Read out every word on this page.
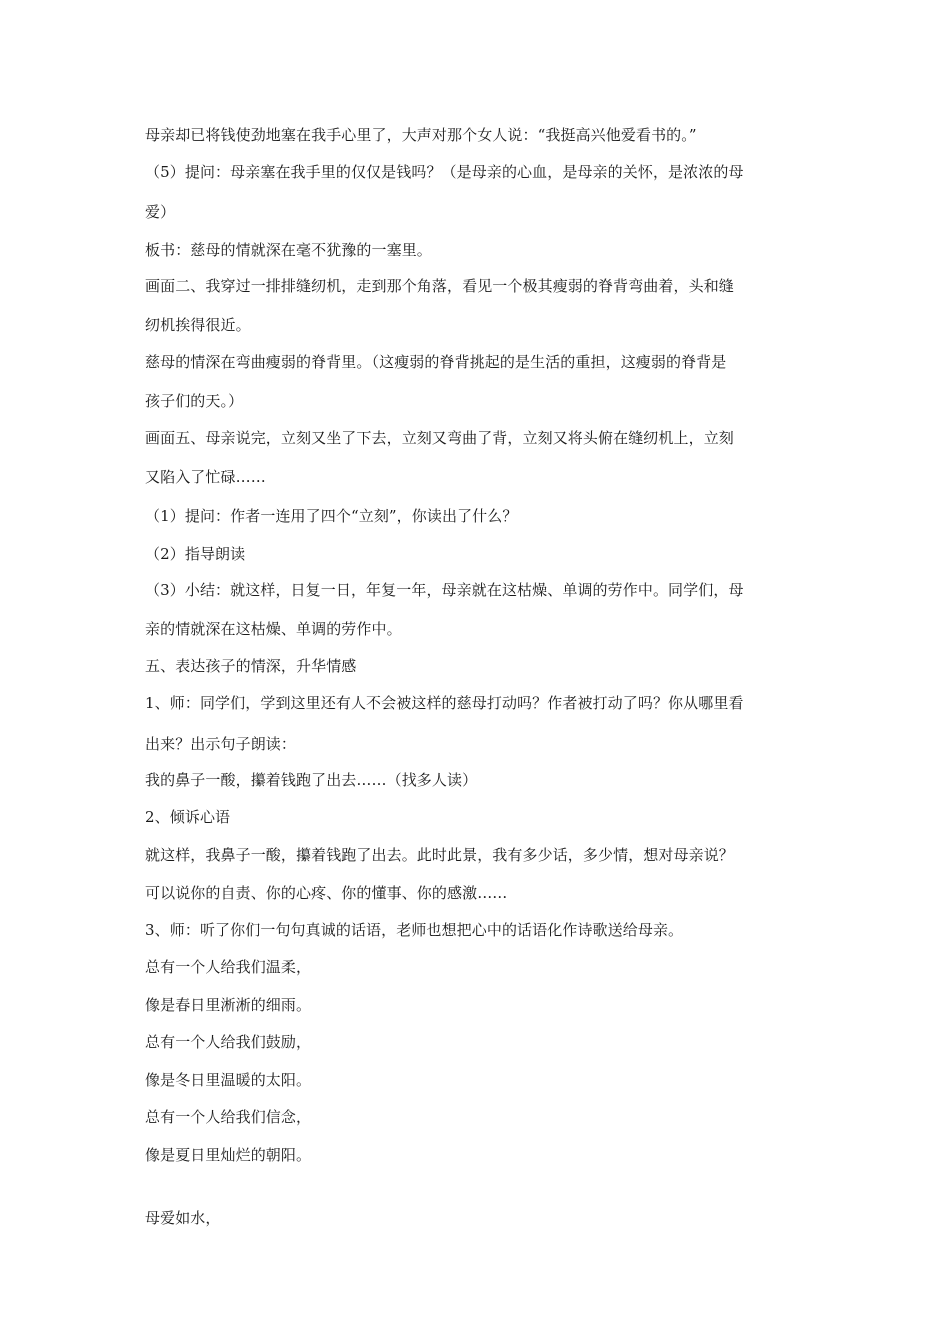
母亲却已将钱使劲地塞在我手心里了，大声对那个女人说：“我挺高兴他爱看书的。”
（5）提问：母亲塞在我手里的仅仅是钱吗？（是母亲的心血，是母亲的关怀，是浓浓的母
爱）
板书：慈母的情就深在毫不犹豫的一塞里。
画面二、我穿过一排排缝纫机，走到那个角落，看见一个极其瘦弱的脊背弯曲着，头和缝
纫机挨得很近。
慈母的情深在弯曲瘦弱的脊背里。（这瘦弱的脊背挑起的是生活的重担，这瘦弱的脊背是
孩子们的天。）
画面五、母亲说完，立刻又坐了下去，立刻又弯曲了背，立刻又将头俯在缝纫机上，立刻
又陷入了忙碌……
（1）提问：作者一连用了四个“立刻”，你读出了什么？
（2）指导朗读
（3）小结：就这样，日复一日，年复一年，母亲就在这枯燥、单调的劳作中。同学们，母
亲的情就深在这枯燥、单调的劳作中。
五、表达孩子的情深，升华情感
1、师：同学们，学到这里还有人不会被这样的慈母打动吗？作者被打动了吗？你从哪里看
出来？出示句子朗读：
我的鼻子一酸，攥着钱跑了出去……（找多人读）
2、倾诉心语
就这样，我鼻子一酸，攥着钱跑了出去。此时此景，我有多少话，多少情，想对母亲说？
可以说你的自责、你的心疼、你的懂事、你的感激……
3、师：听了你们一句句真诚的话语，老师也想把心中的话语化作诗歌送给母亲。
总有一个人给我们温柔，
像是春日里淅淅的细雨。
总有一个人给我们鼓励，
像是冬日里温暖的太阳。
总有一个人给我们信念，
像是夏日里灿烂的朝阳。
母爱如水，
